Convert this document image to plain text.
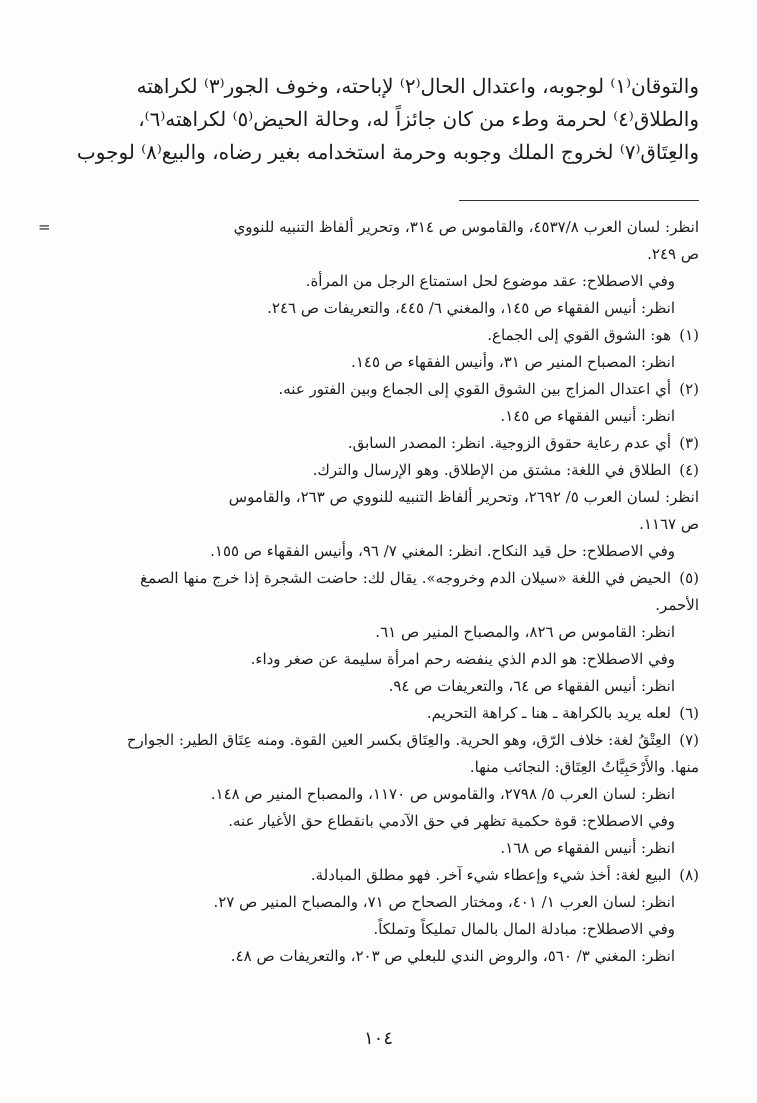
والتوقان⁽١⁾ لوجوبه، واعتدال الحال⁽٢⁾ لإباحته، وخوف الجور⁽٣⁾ لكراهته
والطلاق⁽٤⁾ لحرمة وطء من كان جائزاً له، وحالة الحيض⁽٥⁾ لكراهته⁽٦⁾،
والعِتَاق⁽٧⁾ لخروج الملك وجوبه وحرمة استخدامه بغير رضاه، والبيع⁽٨⁾ لوجوب
=	انظر: لسان العرب ٤٥٣٧/٨، والقاموس ص ٣١٤، وتحرير ألفاظ التنبيه للنووي
ص ٢٤٩.
وفي الاصطلاح: عقد موضوع لحل استمتاع الرجل من المرأة.
انظر: أنيس الفقهاء ص ١٤٥، والمغني ٦/ ٤٤٥، والتعريفات ص ٢٤٦.
(١)هو: الشوق القوي إلى الجماع.
انظر: المصباح المنير ص ٣١، وأنيس الفقهاء ص ١٤٥.
(٢)أي اعتدال المزاج بين الشوق القوي إلى الجماع وبين الفتور عنه.
انظر: أنيس الفقهاء ص ١٤٥.
(٣)أي عدم رعاية حقوق الزوجية. انظر: المصدر السابق.
(٤)الطلاق في اللغة: مشتق من الإطلاق. وهو الإرسال والترك.
انظر: لسان العرب ٥/ ٢٦٩٢، وتحرير ألفاظ التنبيه للنووي ص ٢٦٣، والقاموس
ص ١١٦٧.
وفي الاصطلاح: حل قيد النكاح. انظر: المغني ٧/ ٩٦، وأنيس الفقهاء ص ١٥٥.
(٥)الحيض في اللغة «سيلان الدم وخروجه». يقال لك: حاضت الشجرة إذا خرج منها الصمغ
الأحمر.
انظر: القاموس ص ٨٢٦، والمصباح المنير ص ٦١.
وفي الاصطلاح: هو الدم الذي ينفضه رحم امرأة سليمة عن صغر وداء.
انظر: أنيس الفقهاء ص ٦٤، والتعريفات ص ٩٤.
(٦)لعله يريد بالكراهة ـ هنا ـ كراهة التحريم.
(٧)العِتْقُ لغة: خلاف الرّق، وهو الحرية. والعِتَاق بكسر العين القوة. ومنه عِتَاق الطير: الجوارح
منها. والأَرْحَبِيَّاتُ العِتَاق: النجائب منها.
انظر: لسان العرب ٥/ ٢٧٩٨، والقاموس ص ١١٧٠، والمصباح المنير ص ١٤٨.
وفي الاصطلاح: قوة حكمية تظهر في حق الآدمي بانقطاع حق الأغيار عنه.
انظر: أنيس الفقهاء ص ١٦٨.
(٨)البيع لغة: أخذ شيء وإعطاء شيء آخر. فهو مطلق المبادلة.
انظر: لسان العرب ١/ ٤٠١، ومختار الصحاح ص ٧١، والمصباح المنير ص ٢٧.
وفي الاصطلاح: مبادلة المال بالمال تمليكاً وتملكاً.
انظر: المغني ٣/ ٥٦٠، والروض الندي للبعلي ص ٢٠٣، والتعريفات ص ٤٨.
١٠٤
